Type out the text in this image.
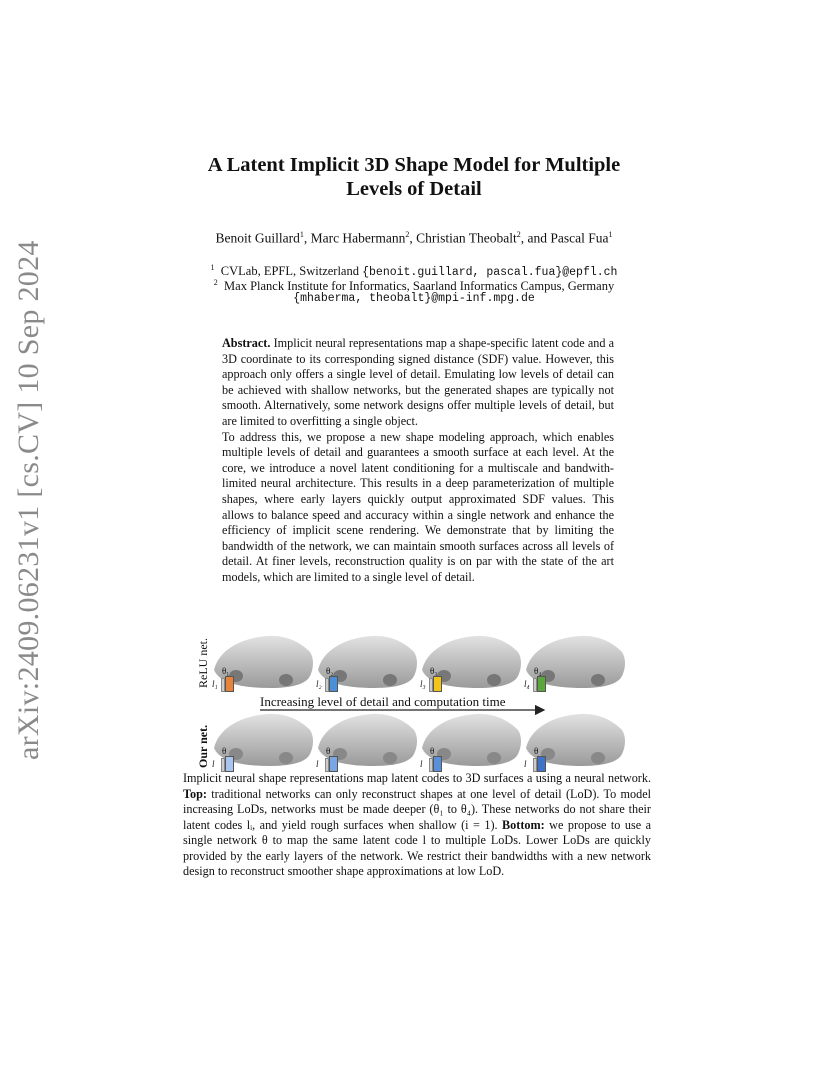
arXiv:2409.06231v1 [cs.CV] 10 Sep 2024
A Latent Implicit 3D Shape Model for Multiple
Levels of Detail
Benoit Guillard$^1$, Marc Habermann$^2$, Christian Theobalt$^2$, and Pascal Fua$^1$
$^1$ CVLab, EPFL, Switzerland {benoit.guillard, pascal.fua}@epfl.ch
$^2$ Max Planck Institute for Informatics, Saarland Informatics Campus, Germany
{mhaberma, theobalt}@mpi-inf.mpg.de

Abstract. Implicit neural representations map a shape-specific latent code and a 3D coordinate to its corresponding signed distance (SDF) value. However, this approach only offers a single level of detail. Emulating low levels of detail can be achieved with shallow networks, but the generated shapes are typically not smooth. Alternatively, some network designs offer multiple levels of detail, but are limited to overfitting a single object.

To address this, we propose a new shape modeling approach, which enables multiple levels of detail and guarantees a smooth surface at each level. At the core, we introduce a novel latent conditioning for a multiscale and bandwith-limited neural architecture. This results in a deep parameterization of multiple shapes, where early layers quickly output approximated SDF values. This allows to balance speed and accuracy within a single network and enhance the efficiency of implicit scene rendering. We demonstrate that by limiting the bandwidth of the network, we can maintain smooth surfaces across all levels of detail. At finer levels, reconstruction quality is on par with the state of the art models, which are limited to a single level of detail.

ReLU net.
Our net.
Increasing level of detail and computation time
θ₁
l₁
θ₂
l₂
θ₃
l₃
θ₄
l₄
θ
l
θ
l
θ
l
θ
l
Implicit neural shape representations map latent codes to 3D surfaces a using a neural network. Top: traditional networks can only reconstruct shapes at one level of detail (LoD). To model increasing LoDs, networks must be made deeper (θ₁ to θ₄). These networks do not share their latent codes lᵢ, and yield rough surfaces when shallow (i = 1). Bottom: we propose to use a single network θ to map the same latent code l to multiple LoDs. Lower LoDs are quickly provided by the early layers of the network. We restrict their bandwidths with a new network design to reconstruct smoother shape approximations at low LoD.
